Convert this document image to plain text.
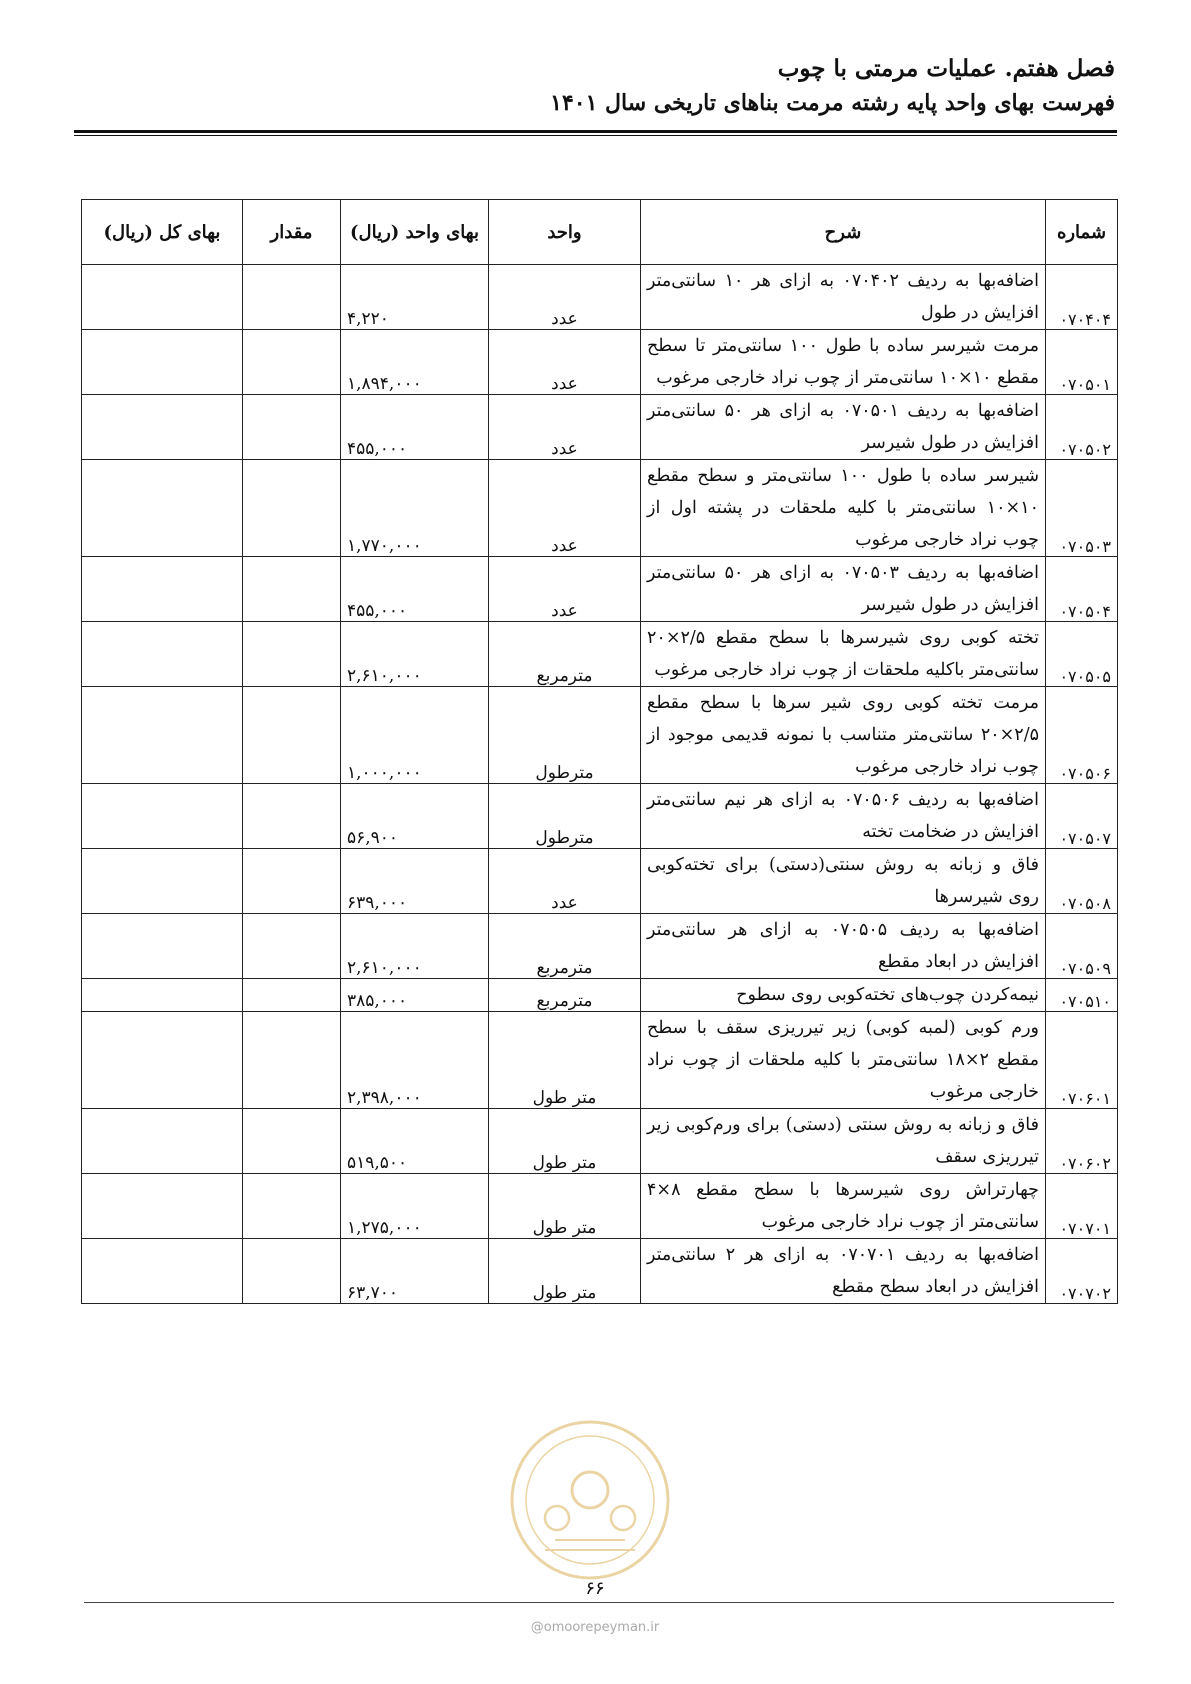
فصل هفتم. عملیات مرمتی با چوب

فهرست بهای واحد پایه رشته مرمت بناهای تاریخی سال ۱۴۰۱

شماره	شرح	واحد	بهای واحد (ریال)	مقدار	بهای کل (ریال)
۰۷۰۴۰۴	اضافه‌بها به ردیف ۰۷۰۴۰۲ به ازای هر ۱۰ سانتی‌متر افزایش در طول	عدد	۴,۲۲۰		
۰۷۰۵۰۱	مرمت شیرسر ساده با طول ۱۰۰ سانتی‌متر تا سطح مقطع ۱۰×۱۰ سانتی‌متر از چوب نراد خارجی مرغوب	عدد	۱,۸۹۴,۰۰۰		
۰۷۰۵۰۲	اضافه‌بها به ردیف ۰۷۰۵۰۱ به ازای هر ۵۰ سانتی‌متر افزایش در طول شیرسر	عدد	۴۵۵,۰۰۰		
۰۷۰۵۰۳	شیرسر ساده با طول ۱۰۰ سانتی‌متر و سطح مقطع ۱۰×۱۰ سانتی‌متر با کلیه ملحقات در پشته اول از چوب نراد خارجی مرغوب	عدد	۱,۷۷۰,۰۰۰		
۰۷۰۵۰۴	اضافه‌بها به ردیف ۰۷۰۵۰۳ به ازای هر ۵۰ سانتی‌متر افزایش در طول شیرسر	عدد	۴۵۵,۰۰۰		
۰۷۰۵۰۵	تخته کوبی روی شیرسرها با سطح مقطع ۲/۵×۲۰ سانتی‌متر باکلیه ملحقات از چوب نراد خارجی مرغوب	مترمربع	۲,۶۱۰,۰۰۰		
۰۷۰۵۰۶	مرمت تخته کوبی روی شیر سرها با سطح مقطع ۲/۵×۲۰ سانتی‌متر متناسب با نمونه قدیمی موجود از چوب نراد خارجی مرغوب	مترطول	۱,۰۰۰,۰۰۰		
۰۷۰۵۰۷	اضافه‌بها به ردیف ۰۷۰۵۰۶ به ازای هر نیم سانتی‌متر افزایش در ضخامت تخته	مترطول	۵۶,۹۰۰		
۰۷۰۵۰۸	فاق و زبانه به روش سنتی(دستی) برای تخته‌کوبی روی شیرسرها	عدد	۶۳۹,۰۰۰		
۰۷۰۵۰۹	اضافه‌بها به ردیف ۰۷۰۵۰۵ به ازای هر سانتی‌متر افزایش در ابعاد مقطع	مترمربع	۲,۶۱۰,۰۰۰		
۰۷۰۵۱۰	نیمه‌کردن چوب‌های تخته‌کوبی روی سطوح	مترمربع	۳۸۵,۰۰۰		
۰۷۰۶۰۱	ورم کوبی (لمبه کوبی) زیر تیرریزی سقف با سطح مقطع ۲×۱۸ سانتی‌متر با کلیه ملحقات از چوب نراد خارجی مرغوب	متر طول	۲,۳۹۸,۰۰۰		
۰۷۰۶۰۲	فاق و زبانه به روش سنتی (دستی) برای ورم‌کوبی زیر تیرریزی سقف	متر طول	۵۱۹,۵۰۰		
۰۷۰۷۰۱	چهارتراش روی شیرسرها با سطح مقطع ۸×۴ سانتی‌متر از چوب نراد خارجی مرغوب	متر طول	۱,۲۷۵,۰۰۰		
۰۷۰۷۰۲	اضافه‌بها به ردیف ۰۷۰۷۰۱ به ازای هر ۲ سانتی‌متر افزایش در ابعاد سطح مقطع	متر طول	۶۳,۷۰۰		
۶۶
@omoorepeyman.ir
